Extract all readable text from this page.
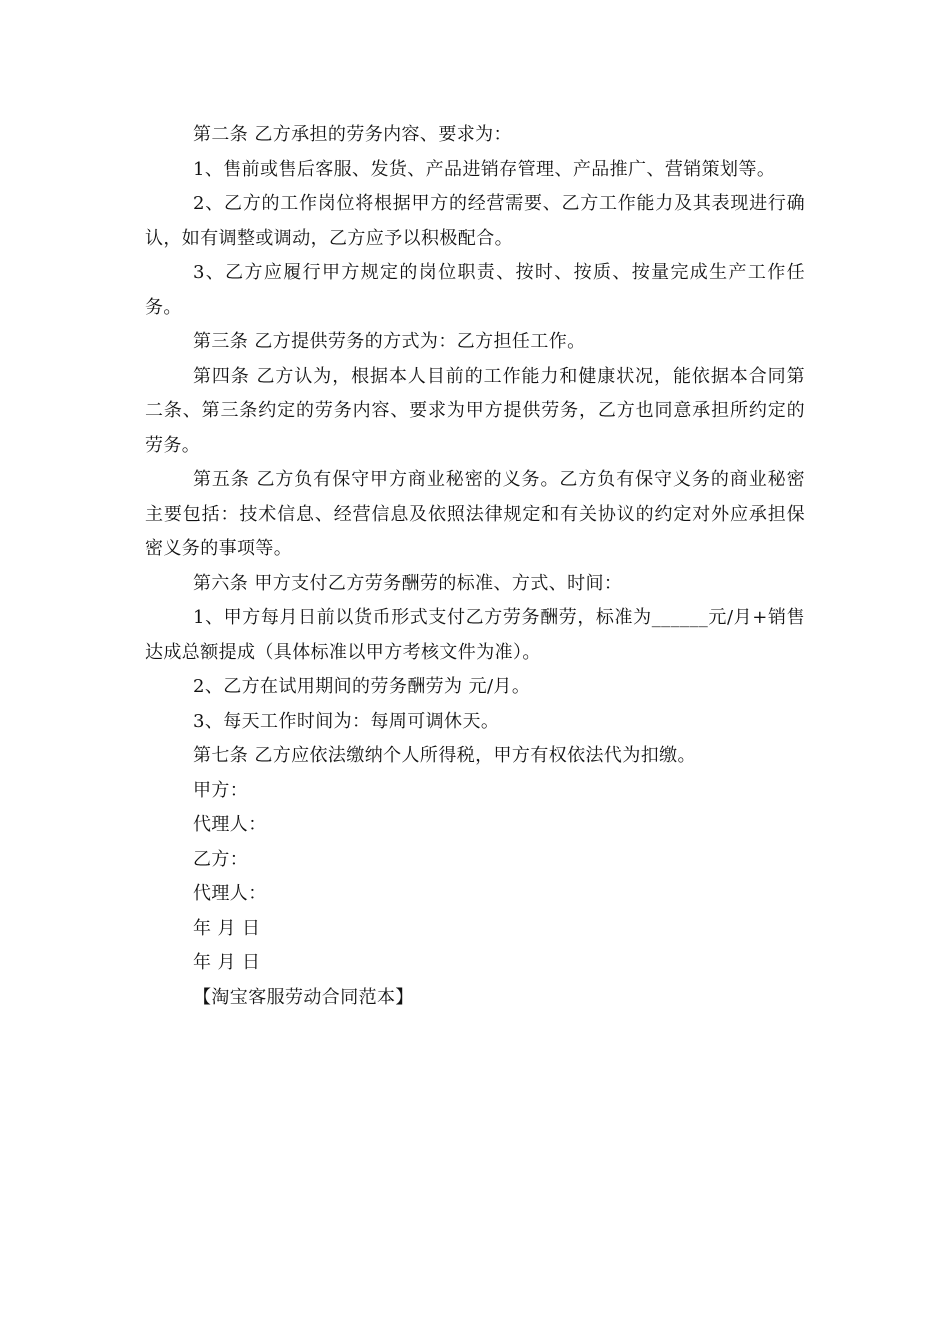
第二条 乙方承担的劳务内容、要求为：

1、售前或售后客服、发货、产品进销存管理、产品推广、营销策划等。

2、乙方的工作岗位将根据甲方的经营需要、乙方工作能力及其表现进行确认，如有调整或调动，乙方应予以积极配合。

3、乙方应履行甲方规定的岗位职责、按时、按质、按量完成生产工作任务。

第三条 乙方提供劳务的方式为：乙方担任工作。

第四条 乙方认为，根据本人目前的工作能力和健康状况，能依据本合同第二条、第三条约定的劳务内容、要求为甲方提供劳务，乙方也同意承担所约定的劳务。

第五条 乙方负有保守甲方商业秘密的义务。乙方负有保守义务的商业秘密主要包括：技术信息、经营信息及依照法律规定和有关协议的约定对外应承担保密义务的事项等。

第六条 甲方支付乙方劳务酬劳的标准、方式、时间：

1、甲方每月日前以货币形式支付乙方劳务酬劳，标准为______元/月+销售达成总额提成（具体标准以甲方考核文件为准）。

2、乙方在试用期间的劳务酬劳为 元/月。

3、每天工作时间为：每周可调休天。

第七条 乙方应依法缴纳个人所得税，甲方有权依法代为扣缴。

甲方：

代理人：

乙方：

代理人：

年 月 日

年 月 日

【淘宝客服劳动合同范本】
